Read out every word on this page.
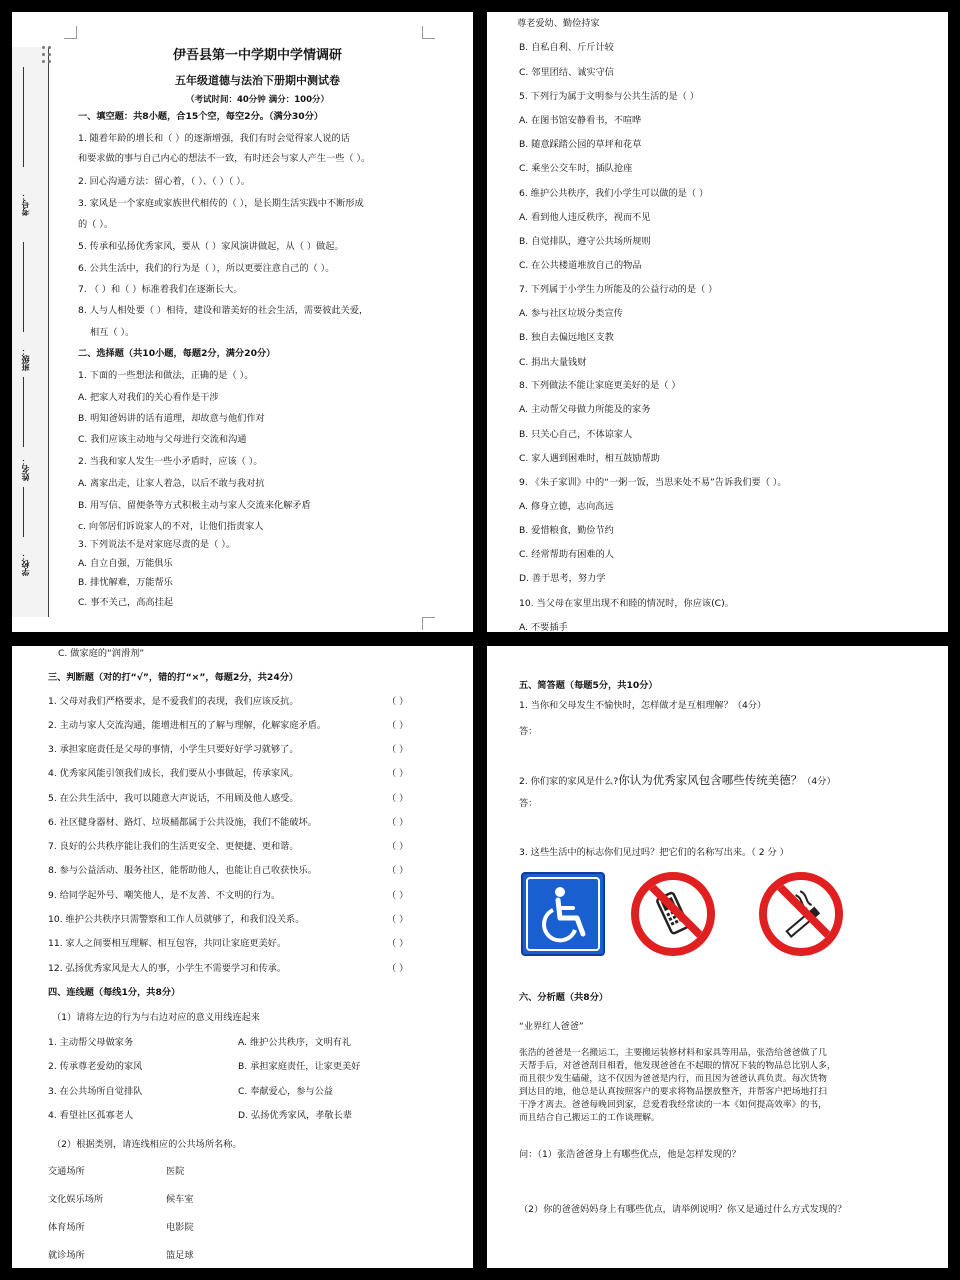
考号：
班级：
姓名：
学校：
伊吾县第一中学期中学情调研
五年级道德与法治下册期中测试卷
（考试时间：40分钟 满分：100分）
一、填空题：共8小题，合15个空，每空2分。（满分30分）
1. 随着年龄的增长和（ ）的逐渐增强，我们有时会觉得家人说的话
和要求做的事与自己内心的想法不一致，有时还会与家人产生一些（ ）。
2. 回心沟通方法：留心着，（ ）、（ ）（ ）。
3. 家风是一个家庭或家族世代相传的（ ），是长期生活实践中不断形成
的（ ）。
5. 传承和弘扬优秀家风，要从（ ）家风演讲做起，从（ ）做起。
6. 公共生活中，我们的行为是（ ），所以更要注意自己的（ ）。
7. （ ）和（ ）标准着我们在逐渐长大。
8. 人与人相处要（ ）相待，建设和谐美好的社会生活，需要彼此关爱，
相互（ ）。
二、选择题（共10小题，每题2分，满分20分）
1. 下面的一些想法和做法，正确的是（ ）。
A. 把家人对我们的关心看作是干涉
B. 明知爸妈讲的话有道理，却故意与他们作对
C. 我们应该主动地与父母进行交流和沟通
2. 当我和家人发生一些小矛盾时，应该（ ）。
A. 离家出走，让家人着急，以后不敢与我对抗
B. 用写信、留便条等方式积极主动与家人交流来化解矛盾
c. 向邻居们诉说家人的不对，让他们指责家人
3. 下列说法不是对家庭尽责的是（ ）。
A. 自立自强，万能俱乐
B. 排忧解难，万能帮乐
C. 事不关己，高高挂起
尊老爱幼、勤俭持家
B. 自私自利、斤斤计较
C. 邻里团结、诚实守信
5. 下列行为属于文明参与公共生活的是（ ）
A. 在图书馆安静看书，不喧哗
B. 随意踩踏公园的草坪和花草
C. 乘坐公交车时，插队抢座
6. 维护公共秩序，我们小学生可以做的是（ ）
A. 看到他人违反秩序，视而不见
B. 自觉排队，遵守公共场所规则
C. 在公共楼道堆放自己的物品
7. 下列属于小学生力所能及的公益行动的是（ ）
A. 参与社区垃圾分类宣传
B. 独自去偏远地区支教
C. 捐出大量钱财
8. 下列做法不能让家庭更美好的是（ ）
A. 主动帮父母做力所能及的家务
B. 只关心自己，不体谅家人
C. 家人遇到困难时，相互鼓励帮助
9. 《朱子家训》中的“一粥一饭，当思来处不易”告诉我们要（ ）。
A. 修身立德，志向高远
B. 爱惜粮食，勤俭节约
C. 经常帮助有困难的人
D. 善于思考，努力学
10. 当父母在家里出现不和睦的情况时，你应该(C)。
A. 不要插手
C. 做家庭的“润滑剂”
三、判断题（对的打“√”，错的打“×”，每题2分，共24分）
1. 父母对我们严格要求，是不爱我们的表现，我们应该反抗。	（ ）
2. 主动与家人交流沟通，能增进相互的了解与理解，化解家庭矛盾。	（ ）
3. 承担家庭责任是父母的事情，小学生只要好好学习就够了。	（ ）
4. 优秀家风能引领我们成长，我们要从小事做起，传承家风。	（ ）
5. 在公共生活中，我可以随意大声说话，不用顾及他人感受。	（ ）
6. 社区健身器材、路灯、垃圾桶都属于公共设施，我们不能破坏。	（ ）
7. 良好的公共秩序能让我们的生活更安全、更便捷、更和谐。	（ ）
8. 参与公益活动、服务社区，能帮助他人，也能让自己收获快乐。	（ ）
9. 给同学起外号、嘲笑他人，是不友善、不文明的行为。	（ ）
10. 维护公共秩序只需警察和工作人员就够了，和我们没关系。	（ ）
11. 家人之间要相互理解、相互包容，共同让家庭更美好。	（ ）
12. 弘扬优秀家风是大人的事，小学生不需要学习和传承。	（ ）
四、连线题（每线1分，共8分）
（1）请将左边的行为与右边对应的意义用线连起来
1. 主动帮父母做家务	A. 维护公共秩序，文明有礼
2. 传承尊老爱幼的家风	B. 承担家庭责任，让家更美好
3. 在公共场所自觉排队	C. 奉献爱心，参与公益
4. 看望社区孤寡老人	D. 弘扬优秀家风，孝敬长辈
（2）根据类别，请连线相应的公共场所名称。
交通场所	医院
文化娱乐场所	候车室
体育场所	电影院
就诊场所	篮足球
五、简答题（每题5分，共10分）
1. 当你和父母发生不愉快时，怎样做才是互相理解？（4分）
答：
2. 你们家的家风是什么?你认为优秀家风包含哪些传统美德？（4分）
答：
3. 这些生活中的标志你们见过吗？把它们的名称写出来。（ 2 分 ）
六、分析题（共8分）
“业界红人爸爸”
张浩的爸爸是一名搬运工，主要搬运装修材料和家具等用品，张浩给爸爸做了几
天帮手后，对爸爸刮目相看，他发现爸爸在不起眼的情况下装的物品总比别人多，
而且很少发生磕碰，这不仅因为爸爸是内行，而且因为爸爸认真负责。每次货物
到达目的地，他总是认真按照客户的要求将物品摆放整齐，并帮客户把场地打扫
干净才离去。爸爸每晚回到家，总爱看我经常读的一本《如何提高效率》的书，
而且结合自己搬运工的工作谈理解。
问：（1）张浩爸爸身上有哪些优点，他是怎样发现的？
（2）你的爸爸妈妈身上有哪些优点，请举例说明？你又是通过什么方式发现的？
